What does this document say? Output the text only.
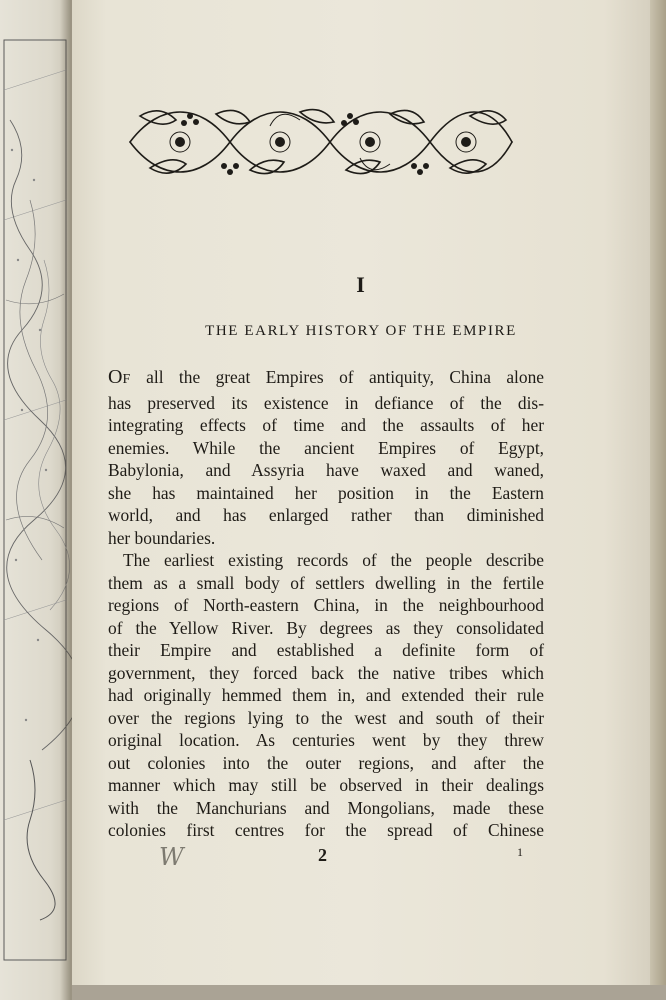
I
THE EARLY HISTORY OF THE EMPIRE
OF all the great Empires of antiquity, China alone
has preserved its existence in defiance of the dis-
integrating effects of time and the assaults of her
enemies. While the ancient Empires of Egypt,
Babylonia, and Assyria have waxed and waned,
she has maintained her position in the Eastern
world, and has enlarged rather than diminished
her boundaries.
The earliest existing records of the people describe
them as a small body of settlers dwelling in the fertile
regions of North-eastern China, in the neighbourhood
of the Yellow River. By degrees as they consolidated
their Empire and established a definite form of
government, they forced back the native tribes which
had originally hemmed them in, and extended their rule
over the regions lying to the west and south of their
original location. As centuries went by they threw
out colonies into the outer regions, and after the
manner which may still be observed in their dealings
with the Manchurians and Mongolians, made these
colonies first centres for the spread of Chinese
W	2	1
